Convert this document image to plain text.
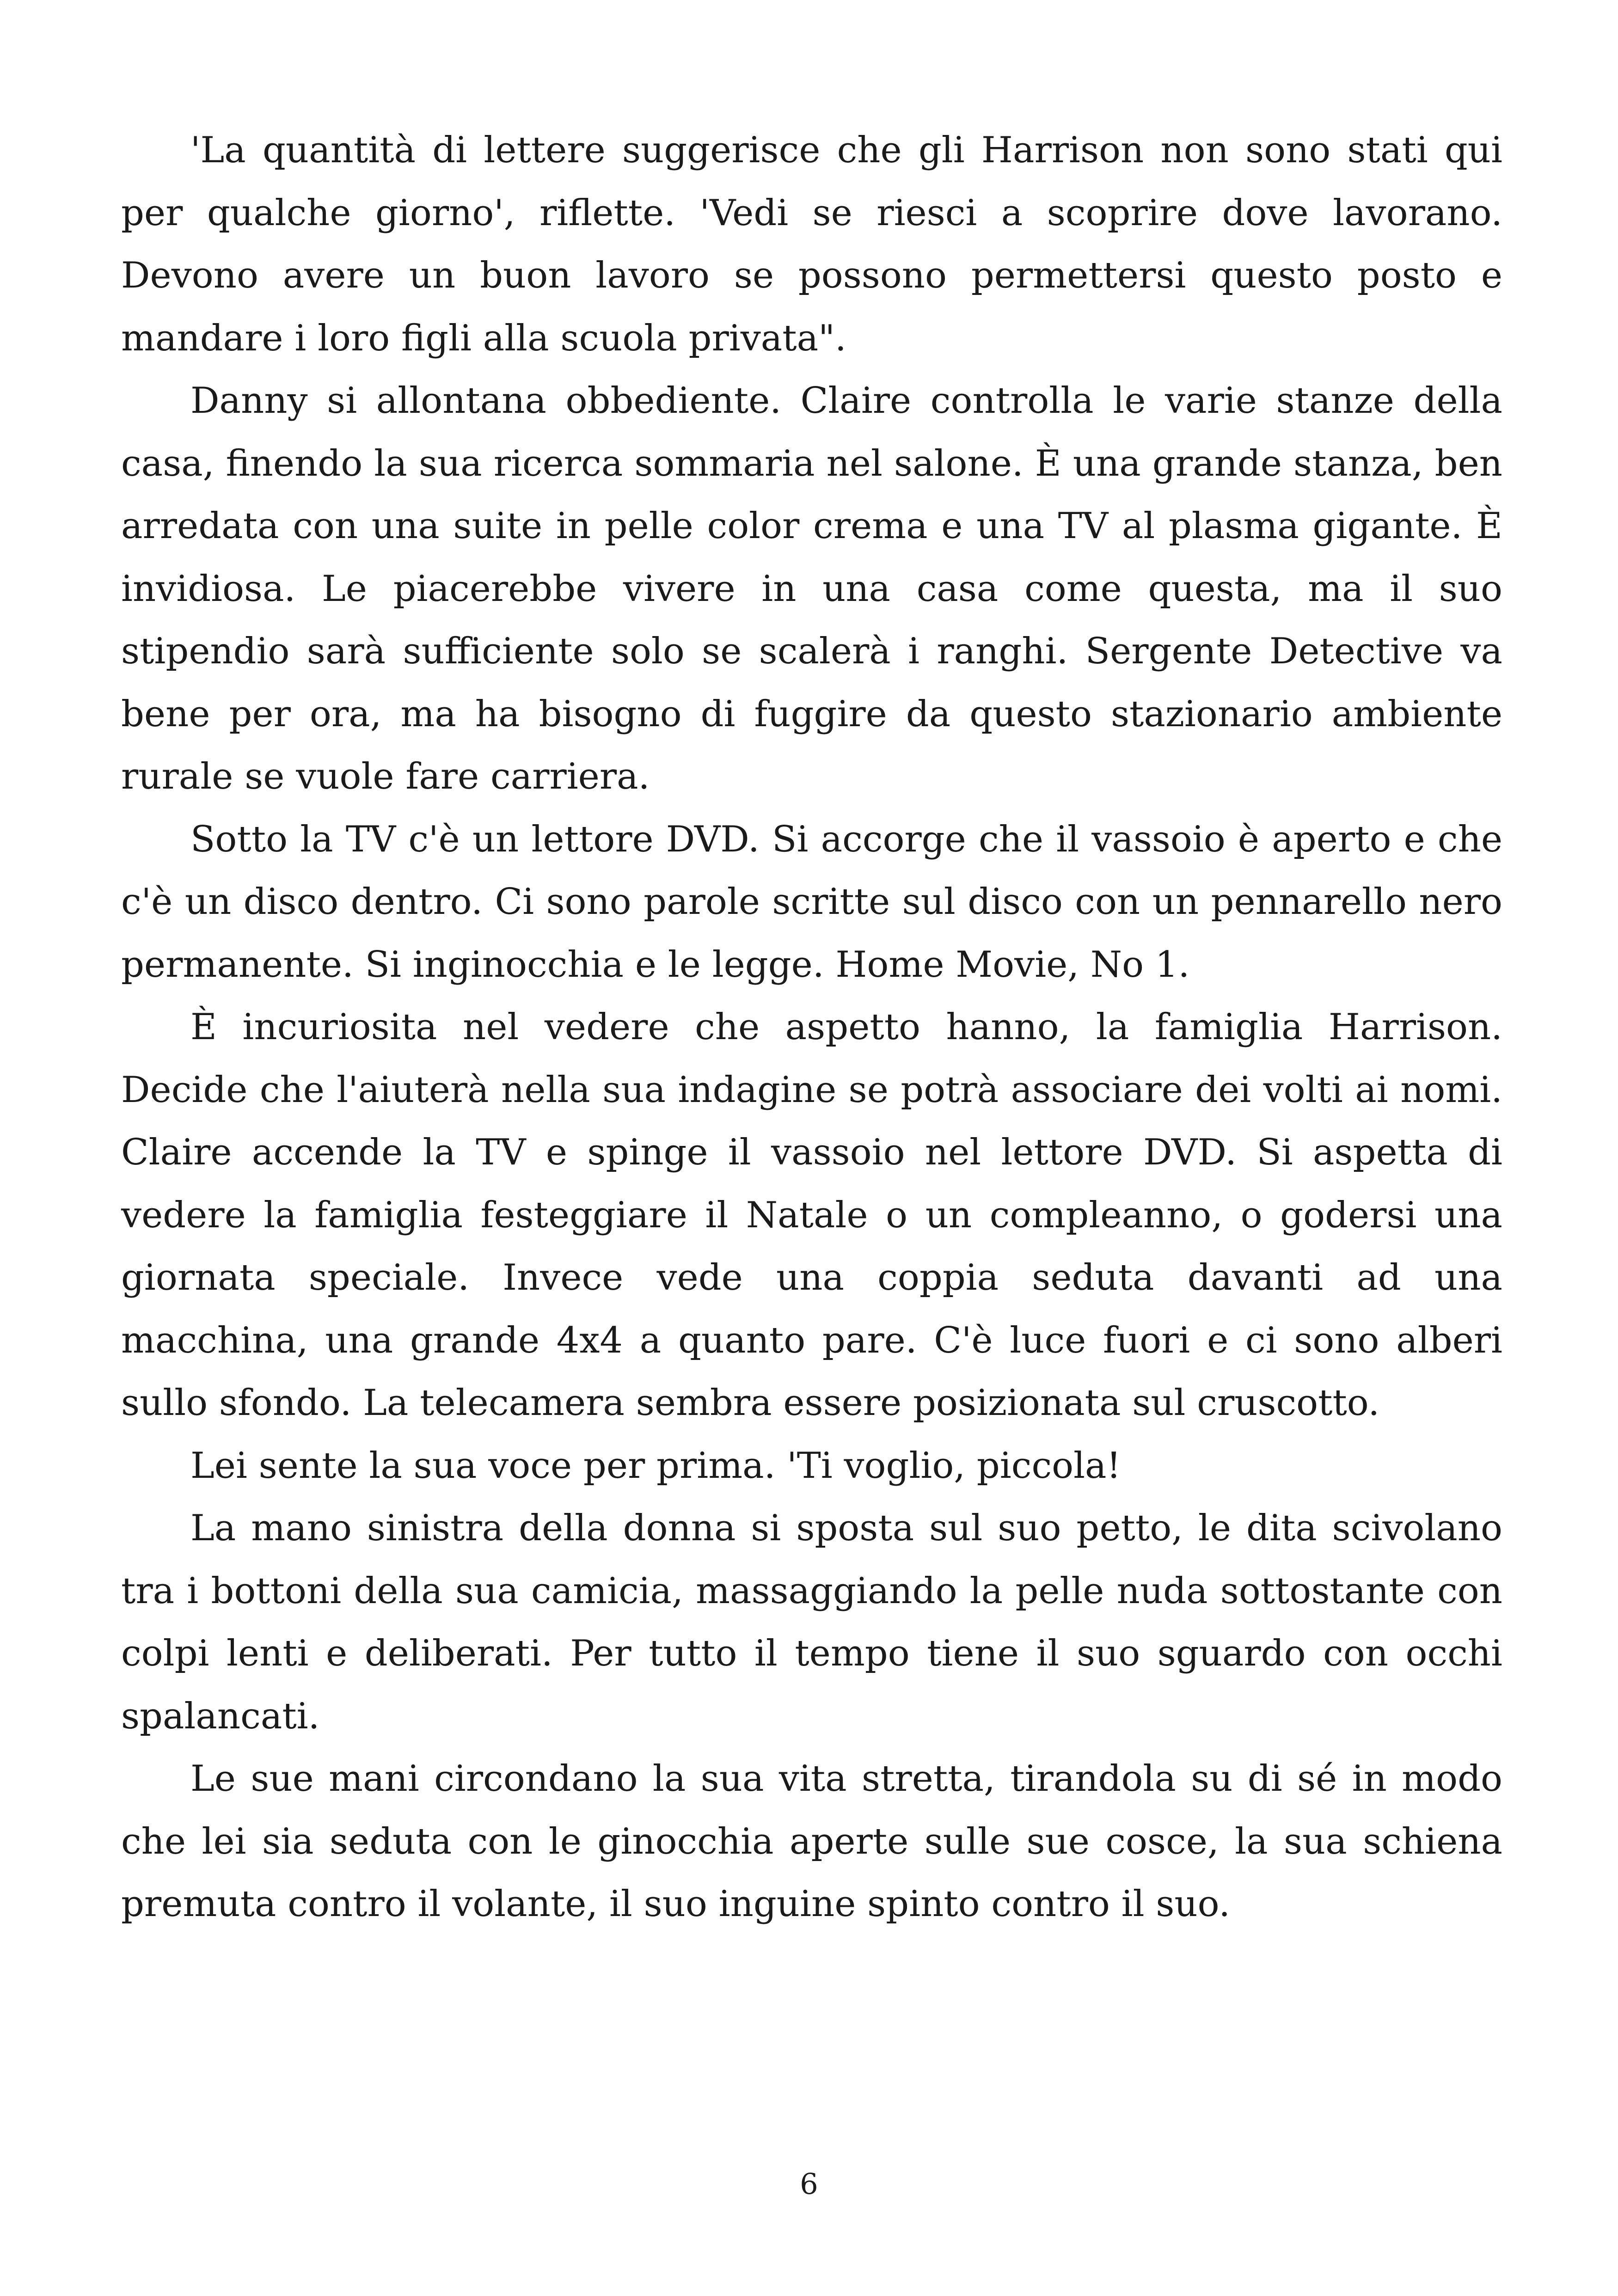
'La quantità di lettere suggerisce che gli Harrison non sono stati qui per qualche giorno', riflette. 'Vedi se riesci a scoprire dove lavorano. Devono avere un buon lavoro se possono permettersi questo posto e mandare i loro figli alla scuola privata".

Danny si allontana obbediente. Claire controlla le varie stanze della casa, finendo la sua ricerca sommaria nel salone. È una grande stanza, ben arredata con una suite in pelle color crema e una TV al plasma gigante. È invidiosa. Le piacerebbe vivere in una casa come questa, ma il suo stipendio sarà sufficiente solo se scalerà i ranghi. Sergente Detective va bene per ora, ma ha bisogno di fuggire da questo stazionario ambiente rurale se vuole fare carriera.

Sotto la TV c'è un lettore DVD. Si accorge che il vassoio è aperto e che c'è un disco dentro. Ci sono parole scritte sul disco con un pennarello nero permanente. Si inginocchia e le legge. Home Movie, No 1.

È incuriosita nel vedere che aspetto hanno, la famiglia Harrison. Decide che l'aiuterà nella sua indagine se potrà associare dei volti ai nomi. Claire accende la TV e spinge il vassoio nel lettore DVD. Si aspetta di vedere la famiglia festeggiare il Natale o un compleanno, o godersi una giornata speciale. Invece vede una coppia seduta davanti ad una macchina, una grande 4x4 a quanto pare. C'è luce fuori e ci sono alberi sullo sfondo. La telecamera sembra essere posizionata sul cruscotto.

Lei sente la sua voce per prima. 'Ti voglio, piccola!

La mano sinistra della donna si sposta sul suo petto, le dita scivolano tra i bottoni della sua camicia, massaggiando la pelle nuda sottostante con colpi lenti e deliberati. Per tutto il tempo tiene il suo sguardo con occhi spalancati.

Le sue mani circondano la sua vita stretta, tirandola su di sé in modo che lei sia seduta con le ginocchia aperte sulle sue cosce, la sua schiena premuta contro il volante, il suo inguine spinto contro il suo.

6
